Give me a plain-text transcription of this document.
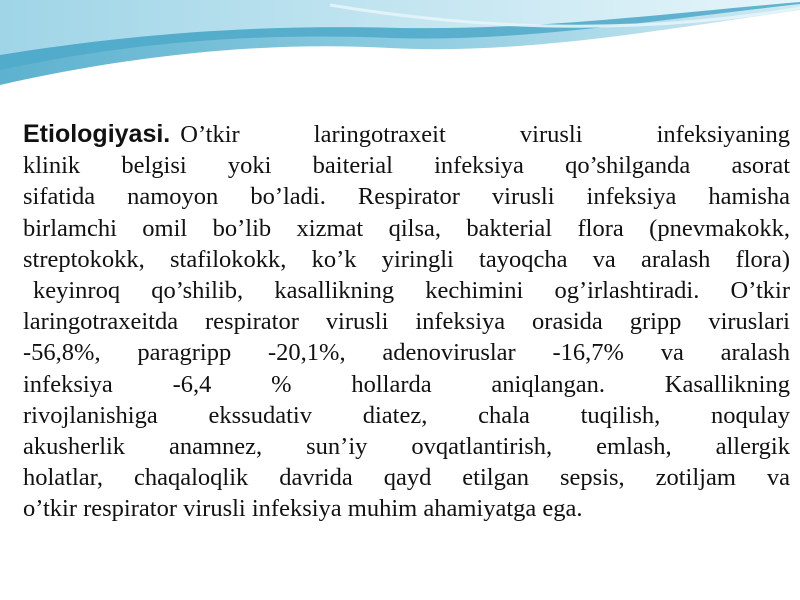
Etiologiyasi. O’tkir laringotraxeit virusli infeksiyaning
klinik belgisi yoki baiterial infeksiya qo’shilganda asorat
sifatida namoyon bo’ladi. Respirator virusli infeksiya hamisha
birlamchi omil bo’lib xizmat qilsa, bakterial flora (pnevmakokk,
streptokokk, stafilokokk, ko’k yiringli tayoqcha va aralash flora)
keyinroq qo’shilib, kasallikning kechimini og’irlashtiradi. O’tkir
laringotraxeitda respirator virusli infeksiya orasida gripp viruslari
-56,8%, paragripp -20,1%, adenoviruslar -16,7% va aralash
infeksiya -6,4 % hollarda aniqlangan. Kasallikning
rivojlanishiga ekssudativ diatez, chala tuqilish, noqulay
akusherlik anamnez, sun’iy ovqatlantirish, emlash, allergik
holatlar, chaqaloqlik davrida qayd etilgan sepsis, zotiljam va
o’tkir respirator virusli infeksiya muhim ahamiyatga ega.
